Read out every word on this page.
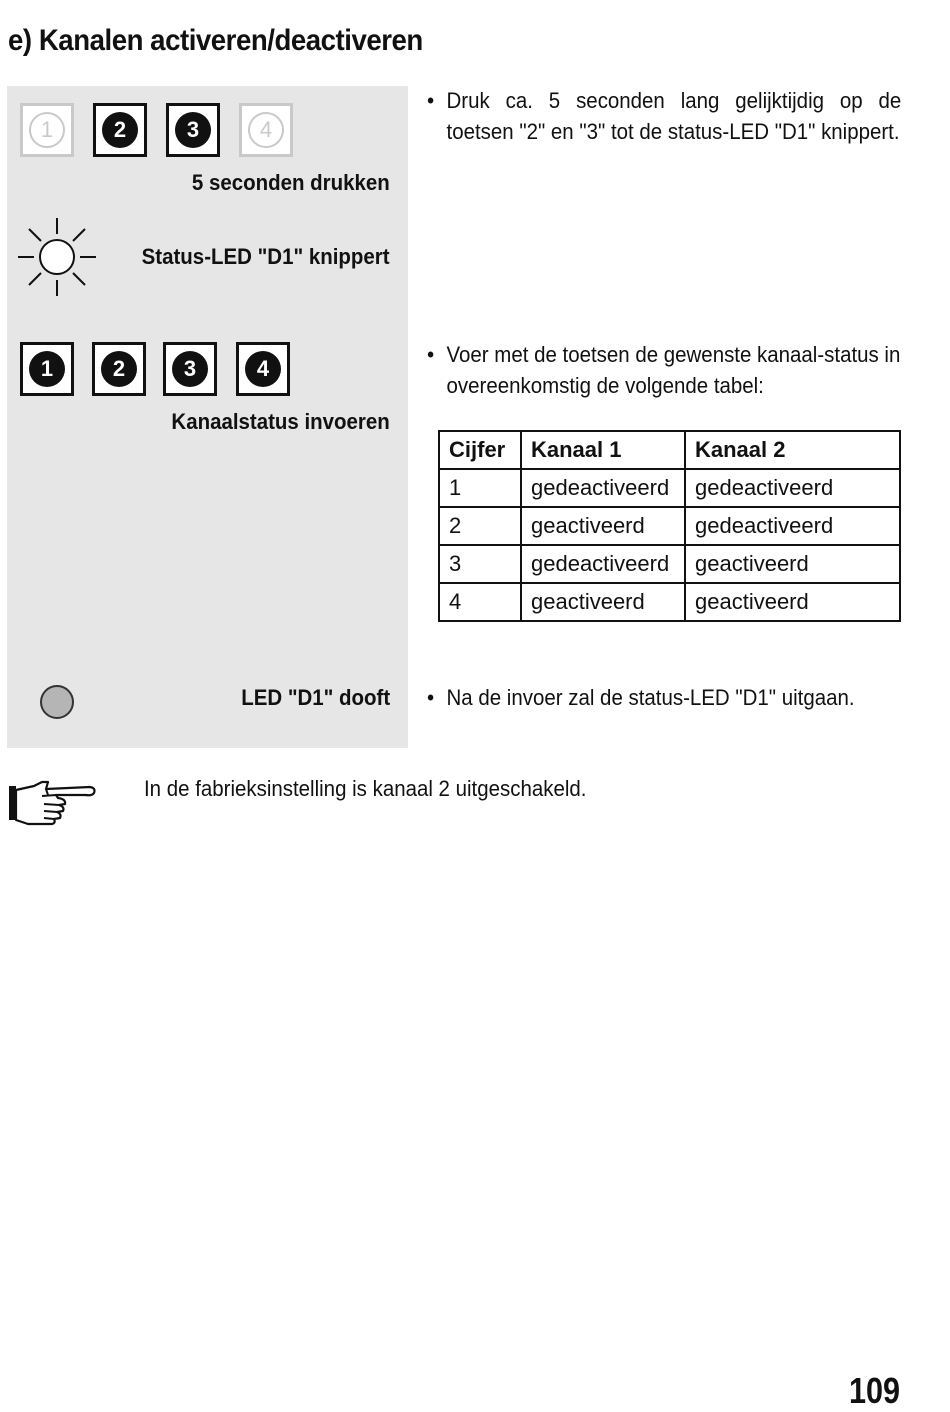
e) Kanalen activeren/deactiveren
1	2	3	4
5 seconden drukken
Status-LED "D1" knippert
1	2	3	4
Kanaalstatus invoeren
LED "D1" dooft
• Druk ca. 5 seconden lang gelijktijdig op de toetsen "2" en "3" tot de status-LED "D1" knippert.
• Voer met de toetsen de gewenste kanaal-status in overeenkomstig de volgende tabel:
• Na de invoer zal de status-LED "D1" uitgaan.
Cijfer	Kanaal 1	Kanaal 2
1	gedeactiveerd	gedeactiveerd
2	geactiveerd	gedeactiveerd
3	gedeactiveerd	geactiveerd
4	geactiveerd	geactiveerd
In de fabrieksinstelling is kanaal 2 uitgeschakeld.
109
